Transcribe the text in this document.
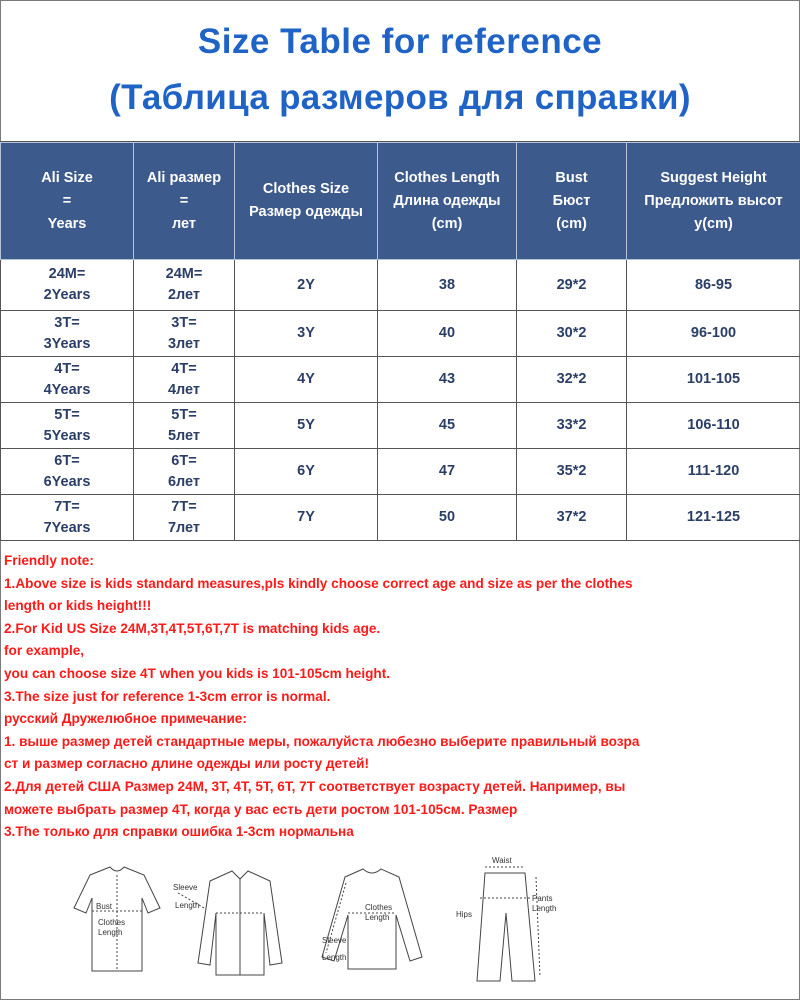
Size Table for reference
(Таблица размеров для справки)
Ali Size
=
Years	Ali размер
=
лет	Clothes Size
Размер одежды	Clothes Length
Длина одежды
(cm)	Bust
Бюст
(cm)	Suggest Height
Предложить высот
у(cm)

24M=
2Years	24M=
2лет	2Y	38	29*2	86-95

3T=
3Years	3T=
3лет	3Y	40	30*2	96-100

4T=
4Years	4T=
4лет	4Y	43	32*2	101-105

5T=
5Years	5T=
5лет	5Y	45	33*2	106-110

6T=
6Years	6T=
6лет	6Y	47	35*2	111-120

7T=
7Years	7T=
7лет	7Y	50	37*2	121-125
Friendly note:
1.Above size is kids standard measures,pls kindly choose correct age and size as per the clothes
length or kids height!!!
2.For Kid US Size 24M,3T,4T,5T,6T,7T is matching kids age.
for example,
you can choose size 4T when you kids is 101-105cm height.
3.The size just for reference 1-3cm error is normal.
русский Дружелюбное примечание:
1. выше размер детей стандартные меры, пожалуйста любезно выберите правильный возра
ст и размер согласно длине одежды или росту детей!
2.Для детей США Размер 24M, 3T, 4T, 5T, 6T, 7T соответствует возрасту детей. Например, вы
можете выбрать размер 4T, когда у вас есть дети ростом 101-105см. Размер
3.The только для справки ошибка 1-3cm нормальна
Bust
Clothes
Length
Sleeve
Length	Clothes
Length
Sleeve
Length
Waist
Hips
Pants
Length
